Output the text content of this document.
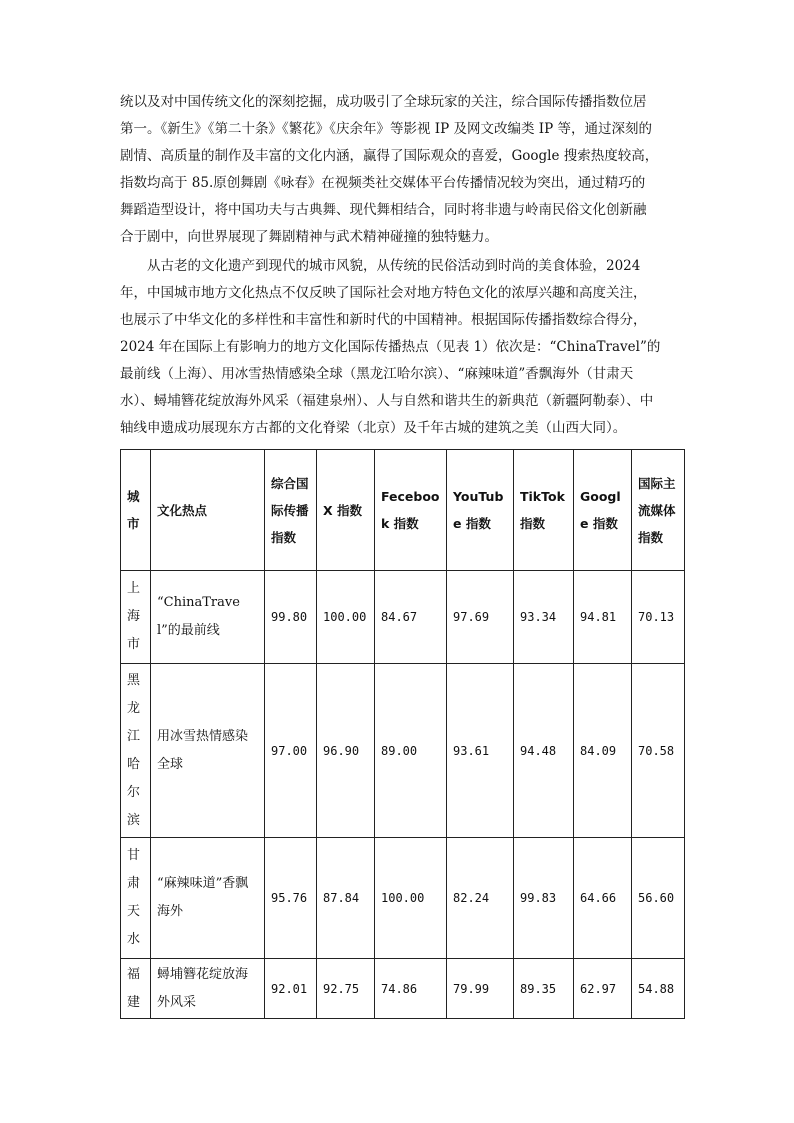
统以及对中国传统文化的深刻挖掘，成功吸引了全球玩家的关注，综合国际传播指数位居
第一。《新生》《第二十条》《繁花》《庆余年》等影视 IP 及网文改编类 IP 等，通过深刻的
剧情、高质量的制作及丰富的文化内涵，赢得了国际观众的喜爱，Google 搜索热度较高，
指数均高于 85.原创舞剧《咏春》在视频类社交媒体平台传播情况较为突出，通过精巧的
舞蹈造型设计，将中国功夫与古典舞、现代舞相结合，同时将非遗与岭南民俗文化创新融
合于剧中，向世界展现了舞剧精神与武术精神碰撞的独特魅力。

从古老的文化遗产到现代的城市风貌，从传统的民俗活动到时尚的美食体验，2024
年，中国城市地方文化热点不仅反映了国际社会对地方特色文化的浓厚兴趣和高度关注，
也展示了中华文化的多样性和丰富性和新时代的中国精神。根据国际传播指数综合得分，
2024 年在国际上有影响力的地方文化国际传播热点（见表 1）依次是：“ChinaTravel”的
最前线（上海）、用冰雪热情感染全球（黑龙江哈尔滨）、“麻辣味道”香飘海外（甘肃天
水）、蟳埔簪花绽放海外风采（福建泉州）、人与自然和谐共生的新典范（新疆阿勒泰）、中
轴线申遗成功展现东方古都的文化脊梁（北京）及千年古城的建筑之美（山西大同）。

城市	文化热点	综合国际传播指数	X 指数	Fecebook 指数	YouTube 指数	TikTok 指数	Google 指数	国际主流媒体指数
上海市	“ChinaTravel”的最前线	99.80	100.00	84.67	97.69	93.34	94.81	70.13
黑龙江哈尔滨	用冰雪热情感染全球	97.00	96.90	89.00	93.61	94.48	84.09	70.58
甘肃天水	“麻辣味道”香飘海外	95.76	87.84	100.00	82.24	99.83	64.66	56.60
福建	蟳埔簪花绽放海外风采	92.01	92.75	74.86	79.99	89.35	62.97	54.88
